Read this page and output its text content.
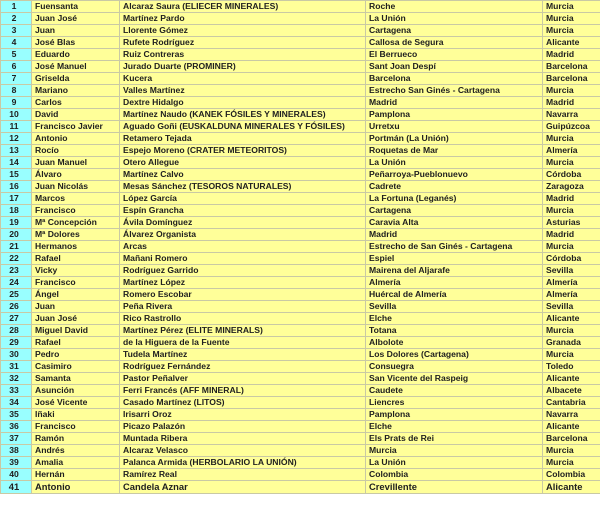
1	Fuensanta	Alcaraz Saura (ELIECER MINERALES)	Roche	Murcia
2	Juan José	Martínez Pardo	La Unión	Murcia
3	Juan	Llorente Gómez	Cartagena	Murcia
4	José Blas	Rufete Rodríguez	Callosa de Segura	Alicante
5	Eduardo	Ruiz Contreras	El Berrueco	Madrid
6	José Manuel	Jurado Duarte (PROMINER)	Sant Joan Despí	Barcelona
7	Griselda	Kucera	Barcelona	Barcelona
8	Mariano	Valles Martínez	Estrecho San Ginés - Cartagena	Murcia
9	Carlos	Dextre Hidalgo	Madrid	Madrid
10	David	Martínez Naudo (KANEK FÓSILES Y MINERALES)	Pamplona	Navarra
11	Francisco Javier	Aguado Goñi (EUSKALDUNA MINERALES Y FÓSILES)	Urretxu	Guipúzcoa
12	Antonio	Retamero Tejada	Portmán (La Unión)	Murcia
13	Rocío	Espejo Moreno (CRATER METEORITOS)	Roquetas de Mar	Almería
14	Juan Manuel	Otero Allegue	La Unión	Murcia
15	Álvaro	Martínez Calvo	Peñarroya-Pueblonuevo	Córdoba
16	Juan Nicolás	Mesas Sánchez (TESOROS NATURALES)	Cadrete	Zaragoza
17	Marcos	López García	La Fortuna (Leganés)	Madrid
18	Francisco	Espín Grancha	Cartagena	Murcia
19	Mª Concepción	Ávila Domínguez	Caravia Alta	Asturias
20	Mª Dolores	Álvarez Organista	Madrid	Madrid
21	Hermanos	Arcas	Estrecho de San Ginés - Cartagena	Murcia
22	Rafael	Mañani Romero	Espiel	Córdoba
23	Vicky	Rodríguez Garrido	Mairena del Aljarafe	Sevilla
24	Francisco	Martínez López	Almería	Almería
25	Ángel	Romero Escobar	Huércal de Almería	Almería
26	Juan	Peña Rivera	Sevilla	Sevilla
27	Juan José	Rico Rastrollo	Elche	Alicante
28	Miguel David	Martínez Pérez (ELITE MINERALS)	Totana	Murcia
29	Rafael	de la Higuera de la Fuente	Albolote	Granada
30	Pedro	Tudela Martínez	Los Dolores (Cartagena)	Murcia
31	Casimiro	Rodríguez Fernández	Consuegra	Toledo
32	Samanta	Pastor Peñalver	San Vicente del Raspeig	Alicante
33	Asunción	Ferri Francés (AFF MINERAL)	Caudete	Albacete
34	José Vicente	Casado Martínez (LITOS)	Liencres	Cantabria
35	Iñaki	Irisarri Oroz	Pamplona	Navarra
36	Francisco	Picazo Palazón	Elche	Alicante
37	Ramón	Muntada Ribera	Els Prats de Rei	Barcelona
38	Andrés	Alcaraz Velasco	Murcia	Murcia
39	Amalia	Palanca Armida (HERBOLARIO LA UNIÓN)	La Unión	Murcia
40	Hernán	Ramírez Real	Colombia	Colombia
41	Antonio	Candela Aznar	Crevillente	Alicante
